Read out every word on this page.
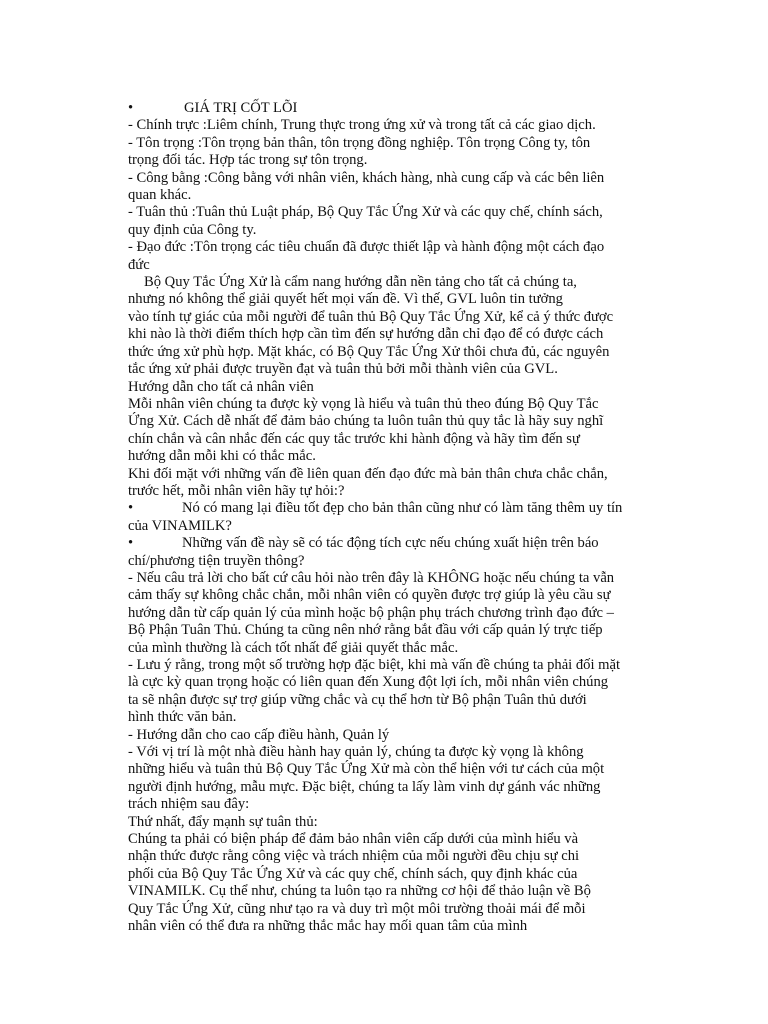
•	GIÁ TRỊ CỐT LÕI
- Chính trực :Liêm chính, Trung thực trong ứng xử và trong tất cả các giao dịch.
- Tôn trọng :Tôn trọng bản thân, tôn trọng đồng nghiệp. Tôn trọng Công ty, tôn
trọng đối tác. Hợp tác trong sự tôn trọng.
- Công bằng :Công bằng với nhân viên, khách hàng, nhà cung cấp và các bên liên
quan khác.
- Tuân thủ :Tuân thủ Luật pháp, Bộ Quy Tắc Ứng Xử và các quy chế, chính sách,
quy định của Công ty.
- Đạo đức :Tôn trọng các tiêu chuẩn đã được thiết lập và hành động một cách đạo
đức
Bộ Quy Tắc Ứng Xử là cẩm nang hướng dẫn nền tảng cho tất cả chúng ta,
nhưng nó không thể giải quyết hết mọi vấn đề. Vì thế, GVL luôn tin tưởng
vào tính tự giác của mỗi người để tuân thủ Bộ Quy Tắc Ứng Xử, kể cả ý thức được
khi nào là thời điểm thích hợp cần tìm đến sự hướng dẫn chỉ đạo để có được cách
thức ứng xử phù hợp. Mặt khác, có Bộ Quy Tắc Ứng Xử thôi chưa đủ, các nguyên
tắc ứng xử phải được truyền đạt và tuân thủ bởi mỗi thành viên của GVL.
Hướng dẫn cho tất cả nhân viên
Mỗi nhân viên chúng ta được kỳ vọng là hiểu và tuân thủ theo đúng Bộ Quy Tắc
Ứng Xử. Cách dễ nhất để đảm bảo chúng ta luôn tuân thủ quy tắc là hãy suy nghĩ
chín chắn và cân nhắc đến các quy tắc trước khi hành động và hãy tìm đến sự
hướng dẫn mỗi khi có thắc mắc.
Khi đối mặt với những vấn đề liên quan đến đạo đức mà bản thân chưa chắc chắn,
trước hết, mỗi nhân viên hãy tự hỏi:?
•	Nó có mang lại điều tốt đẹp cho bản thân cũng như có làm tăng thêm uy tín
của VINAMILK?
•	Những vấn đề này sẽ có tác động tích cực nếu chúng xuất hiện trên báo
chí/phương tiện truyền thông?
- Nếu câu trả lời cho bất cứ câu hỏi nào trên đây là KHÔNG hoặc nếu chúng ta vẫn
cảm thấy sự không chắc chắn, mỗi nhân viên có quyền được trợ giúp là yêu cầu sự
hướng dẫn từ cấp quản lý của mình hoặc bộ phận phụ trách chương trình đạo đức –
Bộ Phận Tuân Thủ. Chúng ta cũng nên nhớ rằng bắt đầu với cấp quản lý trực tiếp
của mình thường là cách tốt nhất để giải quyết thắc mắc.
- Lưu ý rằng, trong một số trường hợp đặc biệt, khi mà vấn đề chúng ta phải đối mặt
là cực kỳ quan trọng hoặc có liên quan đến Xung đột lợi ích, mỗi nhân viên chúng
ta sẽ nhận được sự trợ giúp vững chắc và cụ thể hơn từ Bộ phận Tuân thủ dưới
hình thức văn bản.
- Hướng dẫn cho cao cấp điều hành, Quản lý
- Với vị trí là một nhà điều hành hay quản lý, chúng ta được kỳ vọng là không
những hiểu và tuân thủ Bộ Quy Tắc Ứng Xử mà còn thể hiện với tư cách của một
người định hướng, mẫu mực. Đặc biệt, chúng ta lấy làm vinh dự gánh vác những
trách nhiệm sau đây:
Thứ nhất, đẩy mạnh sự tuân thủ:
Chúng ta phải có biện pháp để đảm bảo nhân viên cấp dưới của mình hiểu và
nhận thức được rằng công việc và trách nhiệm của mỗi người đều chịu sự chi
phối của Bộ Quy Tắc Ứng Xử và các quy chế, chính sách, quy định khác của
VINAMILK. Cụ thể như, chúng ta luôn tạo ra những cơ hội để thảo luận về Bộ
Quy Tắc Ứng Xử, cũng như tạo ra và duy trì một môi trường thoải mái để mỗi
nhân viên có thể đưa ra những thắc mắc hay mối quan tâm của mình
